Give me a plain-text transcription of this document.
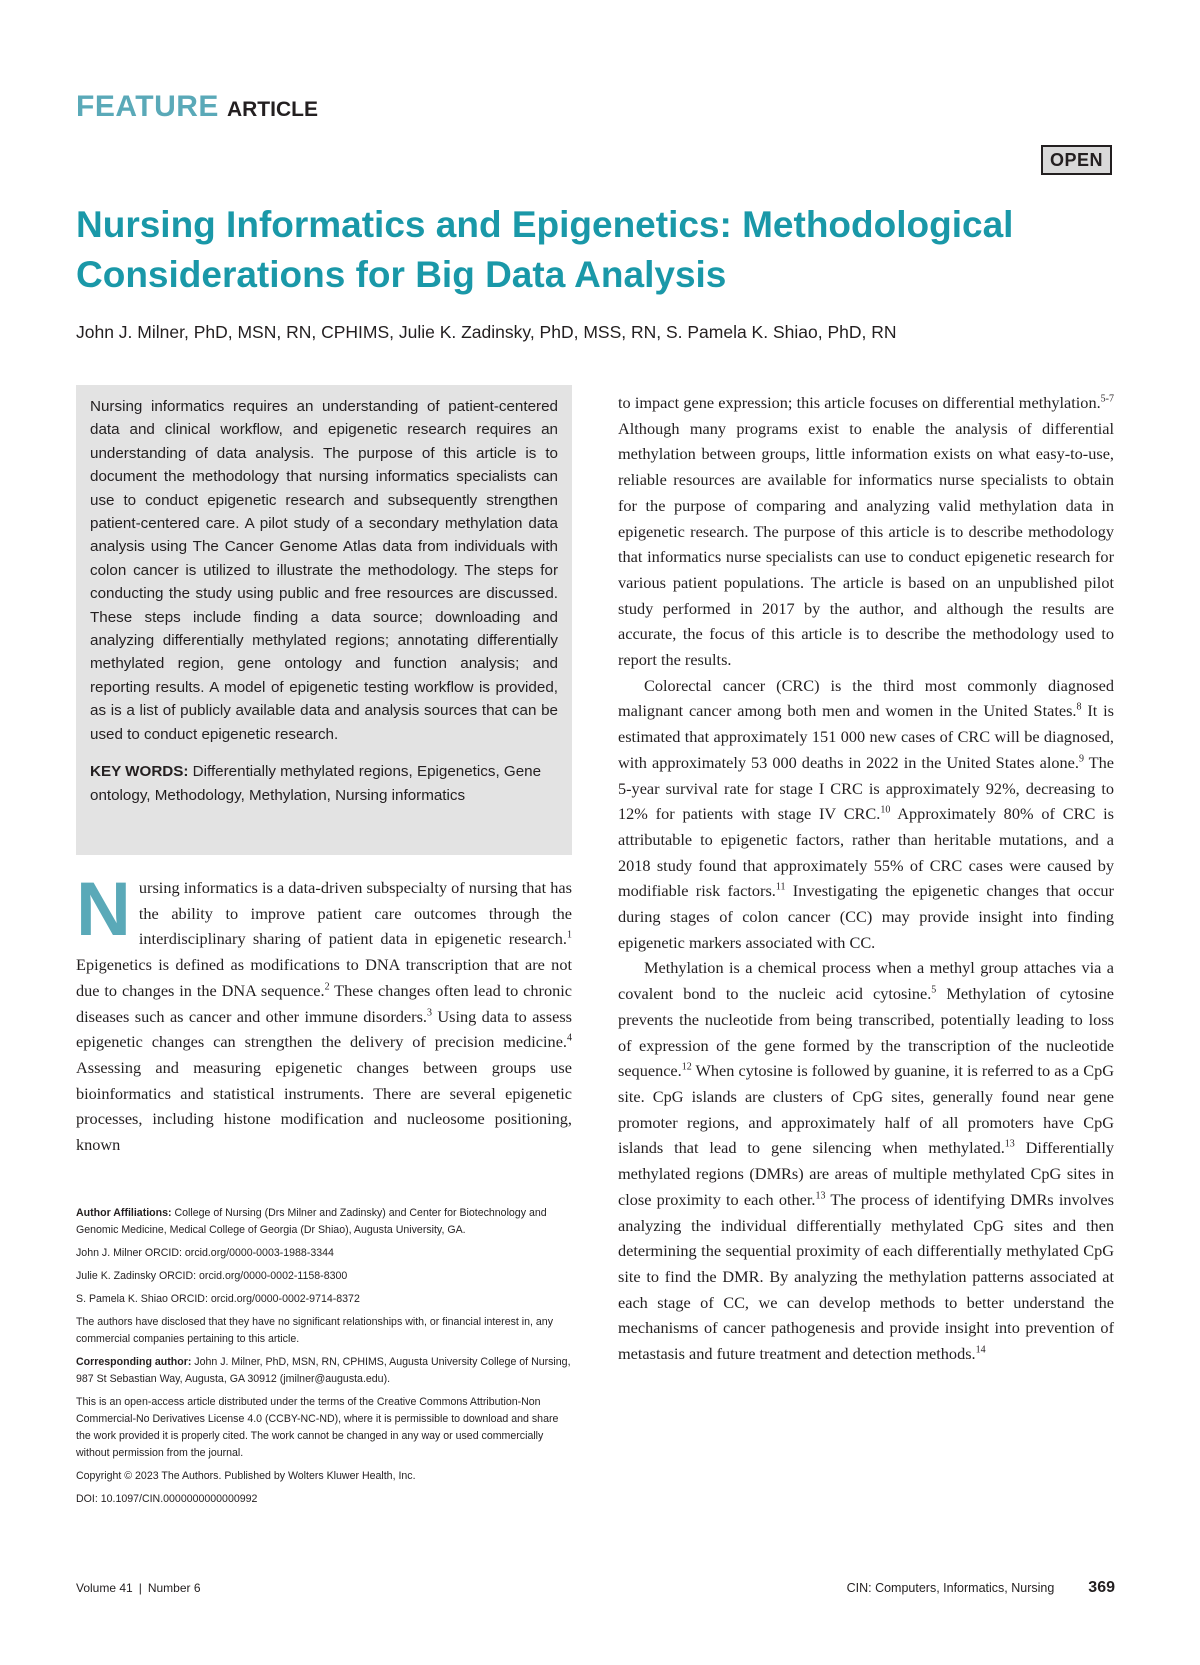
FEATURE ARTICLE
OPEN
Nursing Informatics and Epigenetics: Methodological Considerations for Big Data Analysis
John J. Milner, PhD, MSN, RN, CPHIMS, Julie K. Zadinsky, PhD, MSS, RN, S. Pamela K. Shiao, PhD, RN

Nursing informatics requires an understanding of patient-centered data and clinical workflow, and epigenetic research requires an understanding of data analysis. The purpose of this article is to document the methodology that nursing informatics specialists can use to conduct epigenetic research and subsequently strengthen patient-centered care. A pilot study of a secondary methylation data analysis using The Cancer Genome Atlas data from individuals with colon cancer is utilized to illustrate the methodology. The steps for conducting the study using public and free resources are discussed. These steps include finding a data source; downloading and analyzing differentially methylated regions; annotating differentially methylated region, gene ontology and function analysis; and reporting results. A model of epigenetic testing workflow is provided, as is a list of publicly available data and analysis sources that can be used to conduct epigenetic research.

KEY WORDS: Differentially methylated regions, Epigenetics, Gene ontology, Methodology, Methylation, Nursing informatics

Nursing informatics is a data-driven subspecialty of nursing that has the ability to improve patient care outcomes through the interdisciplinary sharing of patient data in epigenetic research.$^1$ Epigenetics is defined as modifications to DNA transcription that are not due to changes in the DNA sequence.$^2$ These changes often lead to chronic diseases such as cancer and other immune disorders.$^3$ Using data to assess epigenetic changes can strengthen the delivery of precision medicine.$^4$ Assessing and measuring epigenetic changes between groups use bioinformatics and statistical instruments. There are several epigenetic processes, including histone modification and nucleosome positioning, known

Author Affiliations: College of Nursing (Drs Milner and Zadinsky) and Center for Biotechnology and Genomic Medicine, Medical College of Georgia (Dr Shiao), Augusta University, GA.

John J. Milner ORCID: orcid.org/0000-0003-1988-3344

Julie K. Zadinsky ORCID: orcid.org/0000-0002-1158-8300

S. Pamela K. Shiao ORCID: orcid.org/0000-0002-9714-8372

The authors have disclosed that they have no significant relationships with, or financial interest in, any commercial companies pertaining to this article.

Corresponding author: John J. Milner, PhD, MSN, RN, CPHIMS, Augusta University College of Nursing, 987 St Sebastian Way, Augusta, GA 30912 (jmilner@augusta.edu).

This is an open-access article distributed under the terms of the Creative Commons Attribution-Non Commercial-No Derivatives License 4.0 (CCBY-NC-ND), where it is permissible to download and share the work provided it is properly cited. The work cannot be changed in any way or used commercially without permission from the journal.

Copyright © 2023 The Authors. Published by Wolters Kluwer Health, Inc.

DOI: 10.1097/CIN.0000000000000992

to impact gene expression; this article focuses on differential methylation.$^{5-7}$ Although many programs exist to enable the analysis of differential methylation between groups, little information exists on what easy-to-use, reliable resources are available for informatics nurse specialists to obtain for the purpose of comparing and analyzing valid methylation data in epigenetic research. The purpose of this article is to describe methodology that informatics nurse specialists can use to conduct epigenetic research for various patient populations. The article is based on an unpublished pilot study performed in 2017 by the author, and although the results are accurate, the focus of this article is to describe the methodology used to report the results.

Colorectal cancer (CRC) is the third most commonly diagnosed malignant cancer among both men and women in the United States.$^8$ It is estimated that approximately 151 000 new cases of CRC will be diagnosed, with approximately 53 000 deaths in 2022 in the United States alone.$^9$ The 5-year survival rate for stage I CRC is approximately 92%, decreasing to 12% for patients with stage IV CRC.$^{10}$ Approximately 80% of CRC is attributable to epigenetic factors, rather than heritable mutations, and a 2018 study found that approximately 55% of CRC cases were caused by modifiable risk factors.$^{11}$ Investigating the epigenetic changes that occur during stages of colon cancer (CC) may provide insight into finding epigenetic markers associated with CC.

Methylation is a chemical process when a methyl group attaches via a covalent bond to the nucleic acid cytosine.$^5$ Methylation of cytosine prevents the nucleotide from being transcribed, potentially leading to loss of expression of the gene formed by the transcription of the nucleotide sequence.$^{12}$ When cytosine is followed by guanine, it is referred to as a CpG site. CpG islands are clusters of CpG sites, generally found near gene promoter regions, and approximately half of all promoters have CpG islands that lead to gene silencing when methylated.$^{13}$ Differentially methylated regions (DMRs) are areas of multiple methylated CpG sites in close proximity to each other.$^{13}$ The process of identifying DMRs involves analyzing the individual differentially methylated CpG sites and then determining the sequential proximity of each differentially methylated CpG site to find the DMR. By analyzing the methylation patterns associated at each stage of CC, we can develop methods to better understand the mechanisms of cancer pathogenesis and provide insight into prevention of metastasis and future treatment and detection methods.$^{14}$

Volume 41 | Number 6	CIN: Computers, Informatics, Nursing 369
